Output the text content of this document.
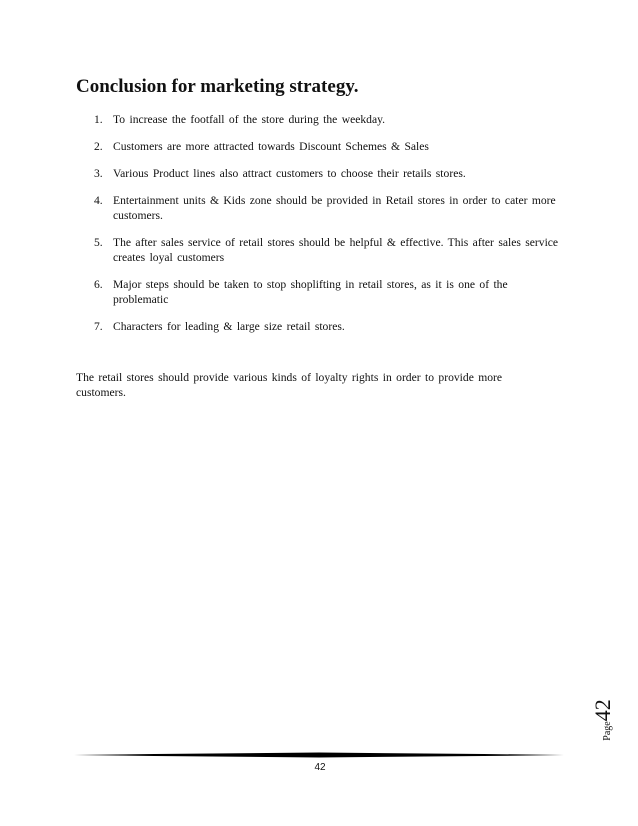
Conclusion for marketing strategy.
1. To increase the footfall of the store during the weekday.
2. Customers are more attracted towards Discount Schemes & Sales
3. Various Product lines also attract customers to choose their retails stores.
4. Entertainment units & Kids zone should be provided in Retail stores in order to cater more customers.
5. The after sales service of retail stores should be helpful & effective. This after sales service creates loyal customers
6. Major steps should be taken to stop shoplifting in retail stores, as it is one of the problematic
7. Characters for leading & large size retail stores.

The retail stores should provide various kinds of loyalty rights in order to provide more customers.

Page
42
42
